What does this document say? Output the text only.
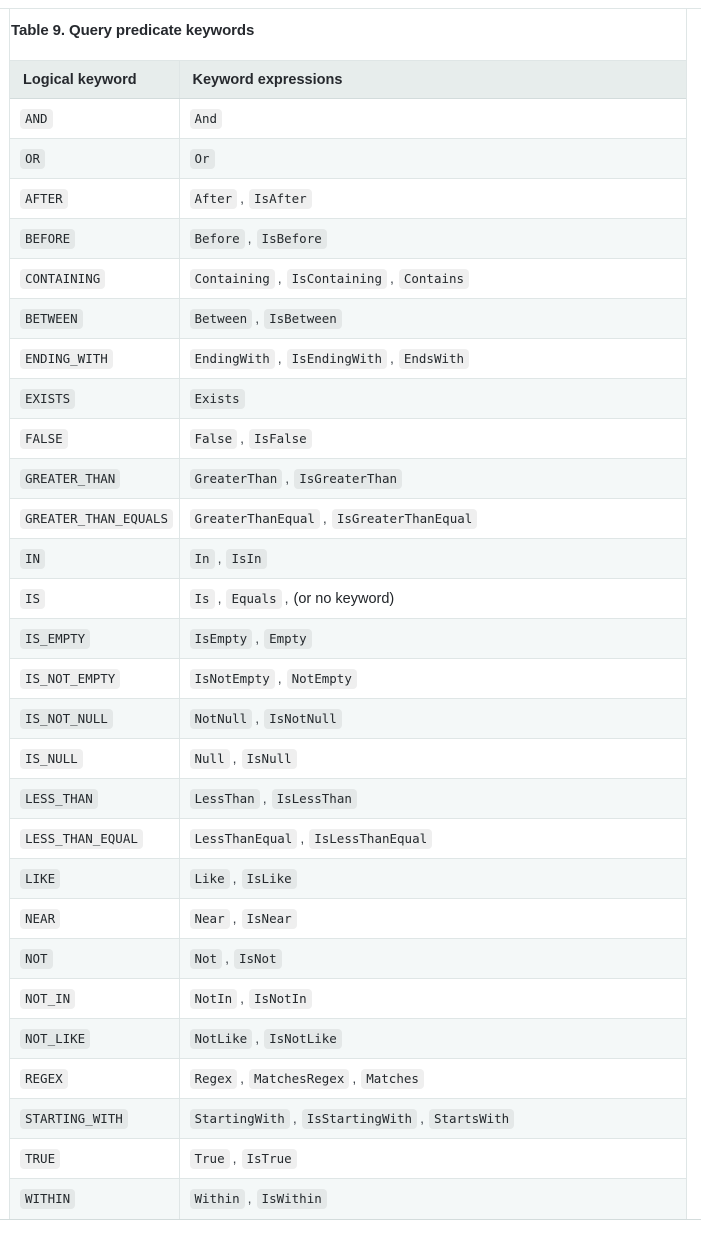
Table 9. Query predicate keywords
Logical keyword	Keyword expressions
AND	And
OR	Or
AFTER	After , IsAfter
BEFORE	Before , IsBefore
CONTAINING	Containing , IsContaining , Contains
BETWEEN	Between , IsBetween
ENDING_WITH	EndingWith , IsEndingWith , EndsWith
EXISTS	Exists
FALSE	False , IsFalse
GREATER_THAN	GreaterThan , IsGreaterThan
GREATER_THAN_EQUALS	GreaterThanEqual , IsGreaterThanEqual
IN	In , IsIn
IS	Is , Equals , (or no keyword)
IS_EMPTY	IsEmpty , Empty
IS_NOT_EMPTY	IsNotEmpty , NotEmpty
IS_NOT_NULL	NotNull , IsNotNull
IS_NULL	Null , IsNull
LESS_THAN	LessThan , IsLessThan
LESS_THAN_EQUAL	LessThanEqual , IsLessThanEqual
LIKE	Like , IsLike
NEAR	Near , IsNear
NOT	Not , IsNot
NOT_IN	NotIn , IsNotIn
NOT_LIKE	NotLike , IsNotLike
REGEX	Regex , MatchesRegex , Matches
STARTING_WITH	StartingWith , IsStartingWith , StartsWith
TRUE	True , IsTrue
WITHIN	Within , IsWithin
